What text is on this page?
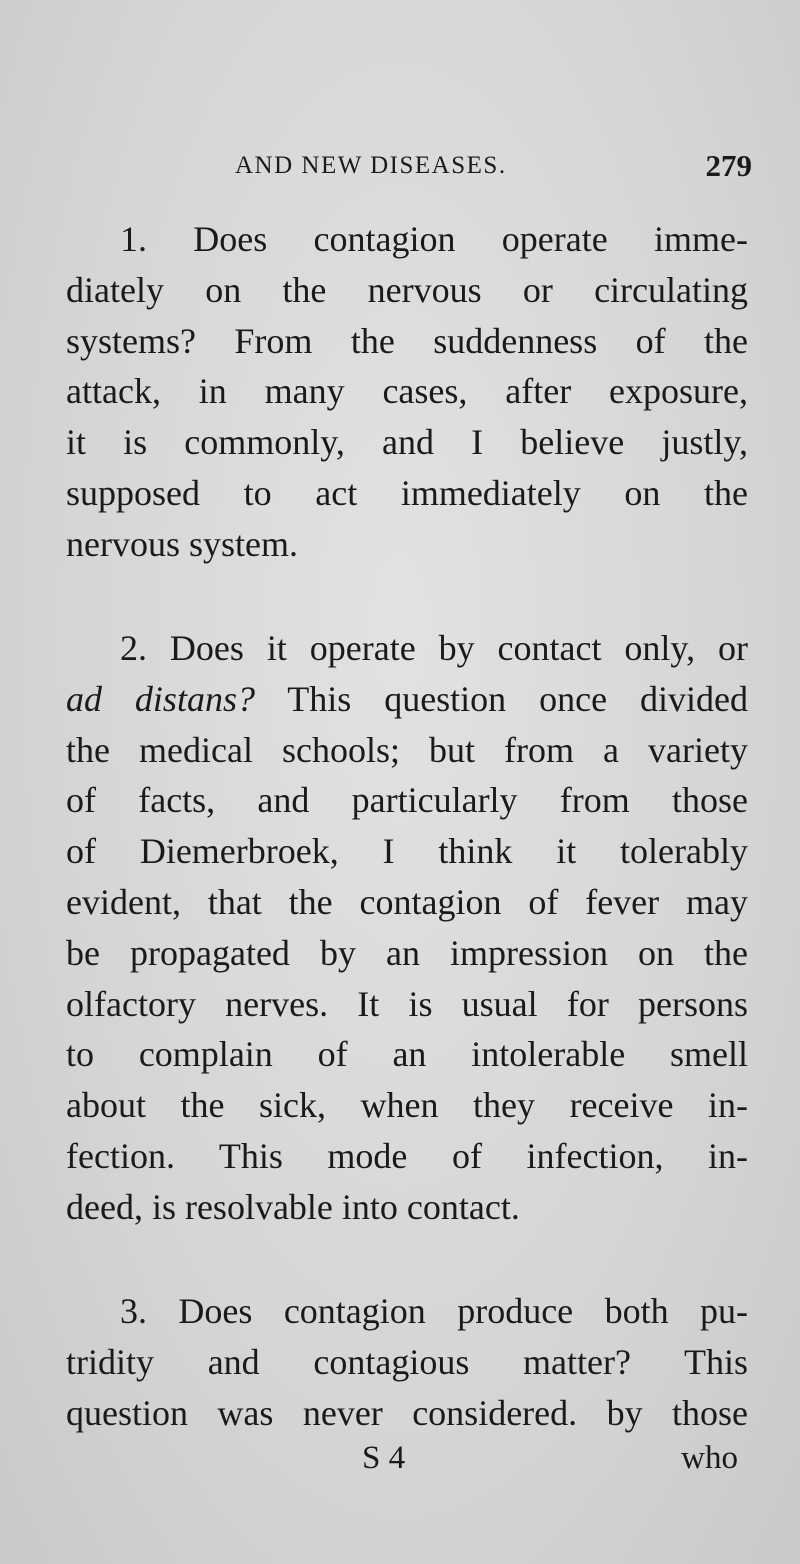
AND NEW DISEASES.	279

1. Does contagion operate imme-
diately on the nervous or circulating
systems? From the suddenness of the
attack, in many cases, after exposure,
it is commonly, and I believe justly,
supposed to act immediately on the
nervous system.

2. Does it operate by contact only, or
ad distans? This question once divided
the medical schools; but from a variety
of facts, and particularly from those
of Diemerbroek, I think it tolerably
evident, that the contagion of fever may
be propagated by an impression on the
olfactory nerves. It is usual for persons
to complain of an intolerable smell
about the sick, when they receive in-
fection. This mode of infection, in-
deed, is resolvable into contact.

3. Does contagion produce both pu-
tridity and contagious matter? This
question was never considered. by those

S 4	who
